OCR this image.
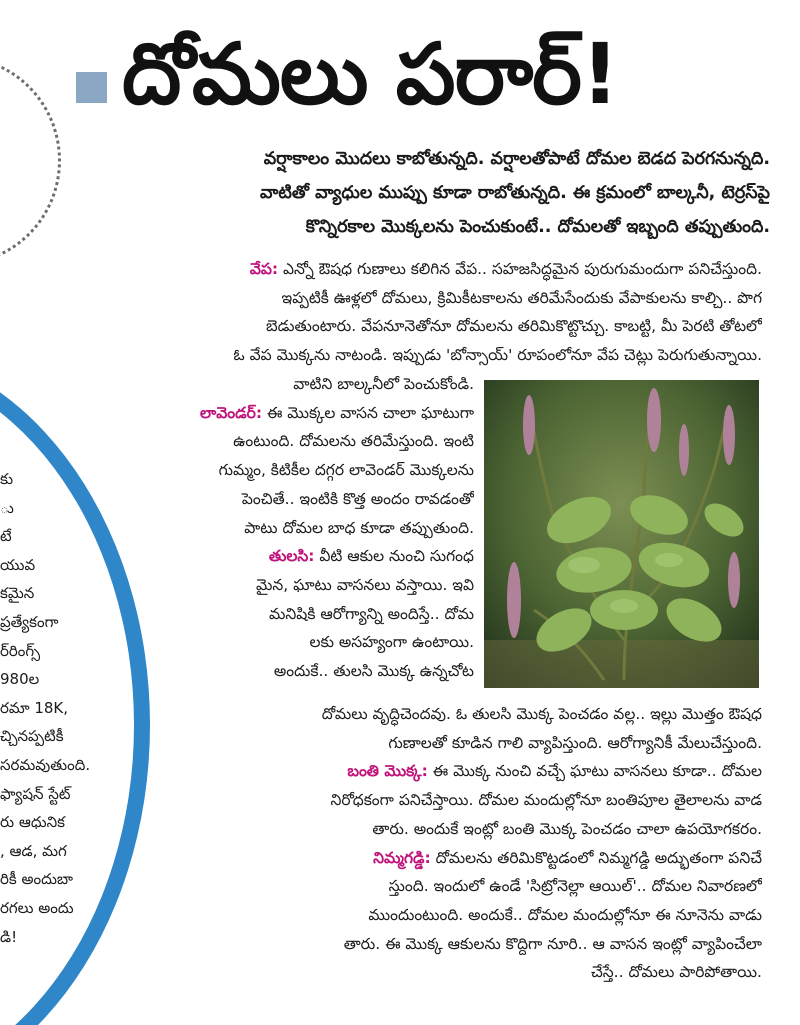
కు
ు
టే
యువ
కమైన
ప్రత్యేకంగా
ర్‌రింగ్స్
980ల
రమా 18K,
చ్చినప్పటికీ
సరమవుతుంది.
ఫ్యాషన్ స్టేట్
రు ఆధునిక
, ఆడ, మగ
రికీ అందుబా
రగలు అందు
డి!
దోమలు పరార్!
వర్షాకాలం మొదలు కాబోతున్నది. వర్షాలతోపాటే దోమల బెడద పెరగనున్నది.
వాటితో వ్యాధుల ముప్పు కూడా రాబోతున్నది. ఈ క్రమంలో బాల్కనీ, టెర్రస్‌పై
కొన్నిరకాల మొక్కలను పెంచుకుంటే.. దోమలతో ఇబ్బంది తప్పుతుంది.
వేప: ఎన్నో ఔషధ గుణాలు కలిగిన వేప.. సహజసిద్ధమైన పురుగుమందుగా పనిచేస్తుంది.
ఇప్పటికీ ఊళ్లలో దోమలు, క్రిమికీటకాలను తరిమేసేందుకు వేపాకులను కాల్చి.. పొగ
బెడుతుంటారు. వేపనూనెతోనూ దోమలను తరిమికొట్టొచ్చు. కాబట్టి, మీ పెరటి తోటలో
ఓ వేప మొక్కను నాటండి. ఇప్పుడు 'బోన్సాయ్' రూపంలోనూ వేప చెట్లు పెరుగుతున్నాయి.
వాటిని బాల్కనీలో పెంచుకోండి.
లావెండర్: ఈ మొక్కల వాసన చాలా ఘాటుగా
ఉంటుంది. దోమలను తరిమేస్తుంది. ఇంటి
గుమ్మం, కిటికీల దగ్గర లావెండర్ మొక్కలను
పెంచితే.. ఇంటికి కొత్త అందం రావడంతో
పాటు దోమల బాధ కూడా తప్పుతుంది.
తులసి: వీటి ఆకుల నుంచి సుగంధ
మైన, ఘాటు వాసనలు వస్తాయి. ఇవి
మనిషికి ఆరోగ్యాన్ని అందిస్తే.. దోమ
లకు అసహ్యంగా ఉంటాయి.
అందుకే.. తులసి మొక్క ఉన్నచోట
దోమలు వృద్ధిచెందవు. ఓ తులసి మొక్క పెంచడం వల్ల.. ఇల్లు మొత్తం ఔషధ
గుణాలతో కూడిన గాలి వ్యాపిస్తుంది. ఆరోగ్యానికీ మేలుచేస్తుంది.
బంతి మొక్క: ఈ మొక్క నుంచి వచ్చే ఘాటు వాసనలు కూడా.. దోమల
నిరోధకంగా పనిచేస్తాయి. దోమల మందుల్లోనూ బంతిపూల తైలాలను వాడ
తారు. అందుకే ఇంట్లో బంతి మొక్క పెంచడం చాలా ఉపయోగకరం.
నిమ్మగడ్డి: దోమలను తరిమికొట్టడంలో నిమ్మగడ్డి అద్భుతంగా పనిచే
స్తుంది. ఇందులో ఉండే 'సిట్రోనెల్లా ఆయిల్'.. దోమల నివారణలో
ముందుంటుంది. అందుకే.. దోమల మందుల్లోనూ ఈ నూనెను వాడు
తారు. ఈ మొక్క ఆకులను కొద్దిగా నూరి.. ఆ వాసన ఇంట్లో వ్యాపించేలా
చేస్తే.. దోమలు పారిపోతాయి.
